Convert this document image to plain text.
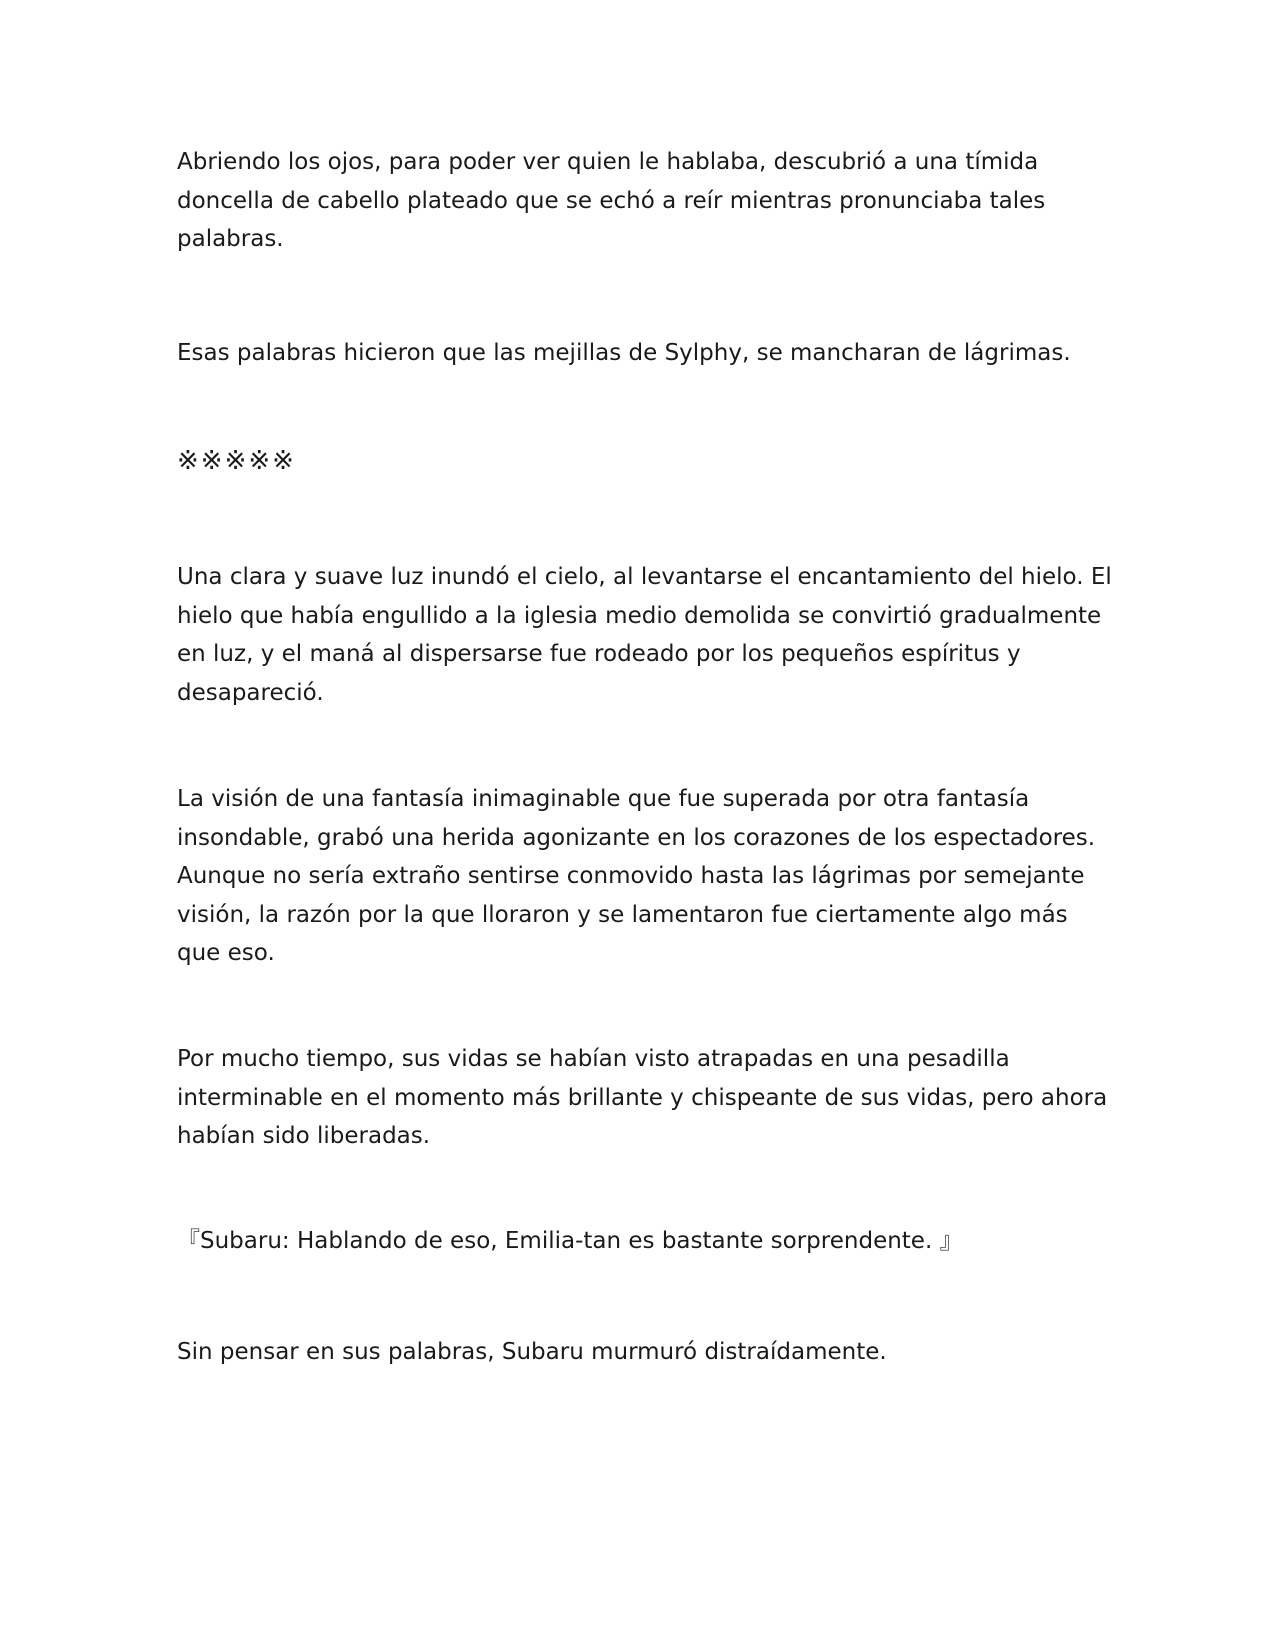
Abriendo los ojos, para poder ver quien le hablaba, descubrió a una tímida doncella de cabello plateado que se echó a reír mientras pronunciaba tales palabras.

Esas palabras hicieron que las mejillas de Sylphy, se mancharan de lágrimas.

※※※※※

Una clara y suave luz inundó el cielo, al levantarse el encantamiento del hielo. El hielo que había engullido a la iglesia medio demolida se convirtió gradualmente en luz, y el maná al dispersarse fue rodeado por los pequeños espíritus y desapareció.

La visión de una fantasía inimaginable que fue superada por otra fantasía insondable, grabó una herida agonizante en los corazones de los espectadores. Aunque no sería extraño sentirse conmovido hasta las lágrimas por semejante visión, la razón por la que lloraron y se lamentaron fue ciertamente algo más que eso.

Por mucho tiempo, sus vidas se habían visto atrapadas en una pesadilla interminable en el momento más brillante y chispeante de sus vidas, pero ahora habían sido liberadas.

『Subaru: Hablando de eso, Emilia-tan es bastante sorprendente. 』

Sin pensar en sus palabras, Subaru murmuró distraídamente.
